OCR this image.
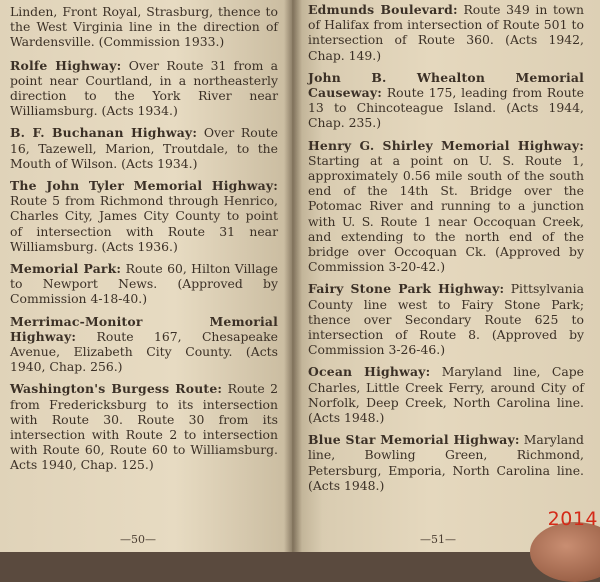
Linden, Front Royal, Strasburg, thence to the West Virginia line in the direction of Wardensville. (Commission 1933.)

Rolfe Highway: Over Route 31 from a point near Courtland, in a northeasterly direction to the York River near Williamsburg. (Acts 1934.)

B. F. Buchanan Highway: Over Route 16, Tazewell, Marion, Troutdale, to the Mouth of Wilson. (Acts 1934.)

The John Tyler Memorial Highway: Route 5 from Richmond through Henrico, Charles City, James City County to point of intersection with Route 31 near Williamsburg. (Acts 1936.)

Memorial Park: Route 60, Hilton Village to Newport News. (Approved by Commission 4-18-40.)

Merrimac-Monitor Memorial Highway: Route 167, Chesapeake Avenue, Elizabeth City County. (Acts 1940, Chap. 256.)

Washington's Burgess Route: Route 2 from Fredericksburg to its intersection with Route 30. Route 30 from its intersection with Route 2 to intersection with Route 60, Route 60 to Williamsburg. Acts 1940, Chap. 125.)

—50—

Edmunds Boulevard: Route 349 in town of Halifax from intersection of Route 501 to intersection of Route 360. (Acts 1942, Chap. 149.)

John B. Whealton Memorial Causeway: Route 175, leading from Route 13 to Chincoteague Island. (Acts 1944, Chap. 235.)

Henry G. Shirley Memorial Highway: Starting at a point on U. S. Route 1, approximately 0.56 mile south of the south end of the 14th St. Bridge over the Potomac River and running to a junction with U. S. Route 1 near Occoquan Creek, and extending to the north end of the bridge over Occoquan Ck. (Approved by Commission 3-20-42.)

Fairy Stone Park Highway: Pittsylvania County line west to Fairy Stone Park; thence over Secondary Route 625 to intersection of Route 8. (Approved by Commission 3-26-46.)

Ocean Highway: Maryland line, Cape Charles, Little Creek Ferry, around City of Norfolk, Deep Creek, North Carolina line. (Acts 1948.)

Blue Star Memorial Highway: Maryland line, Bowling Green, Richmond, Petersburg, Emporia, North Carolina line. (Acts 1948.)

—51—
2014
